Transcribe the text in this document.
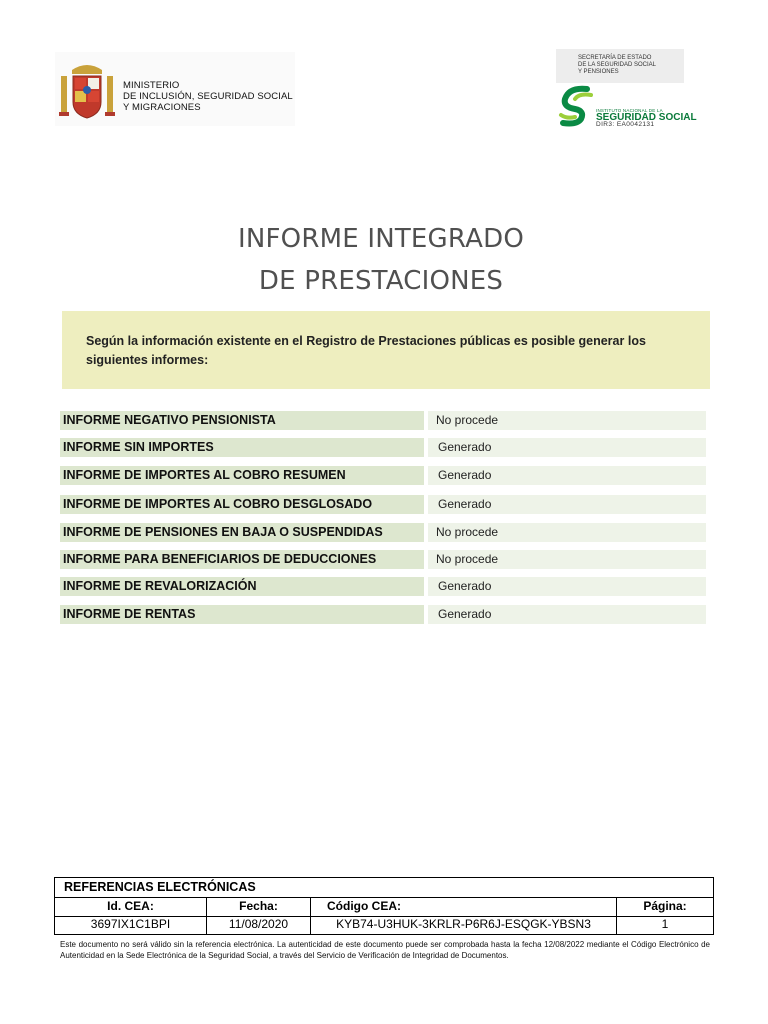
MINISTERIO
DE INCLUSIÓN, SEGURIDAD SOCIAL
Y MIGRACIONES
SECRETARÍA DE ESTADO
DE LA SEGURIDAD SOCIAL
Y PENSIONES
INSTITUTO NACIONAL DE LA
SEGURIDAD SOCIAL
DIR3: EA0042131
INFORME INTEGRADO
DE PRESTACIONES

Según la información existente en el Registro de Prestaciones públicas es posible generar los siguientes informes:

INFORME NEGATIVO PENSIONISTA	No procede
INFORME SIN IMPORTES	Generado
INFORME DE IMPORTES AL COBRO RESUMEN	Generado
INFORME DE IMPORTES AL COBRO DESGLOSADO	Generado
INFORME DE PENSIONES EN BAJA O SUSPENDIDAS	No procede
INFORME PARA BENEFICIARIOS DE DEDUCCIONES	No procede
INFORME DE REVALORIZACIÓN	Generado
INFORME DE RENTAS	Generado
REFERENCIAS ELECTRÓNICAS
Id. CEA:	Fecha:	Código CEA:	Página:
3697IX1C1BPI	11/08/2020	KYB74-U3HUK-3KRLR-P6R6J-ESQGK-YBSN3	1
Este documento no será válido sin la referencia electrónica. La autenticidad de este documento puede ser comprobada hasta la fecha 12/08/2022 mediante el Código Electrónico de Autenticidad en la Sede Electrónica de la Seguridad Social, a través del Servicio de Verificación de Integridad de Documentos.
